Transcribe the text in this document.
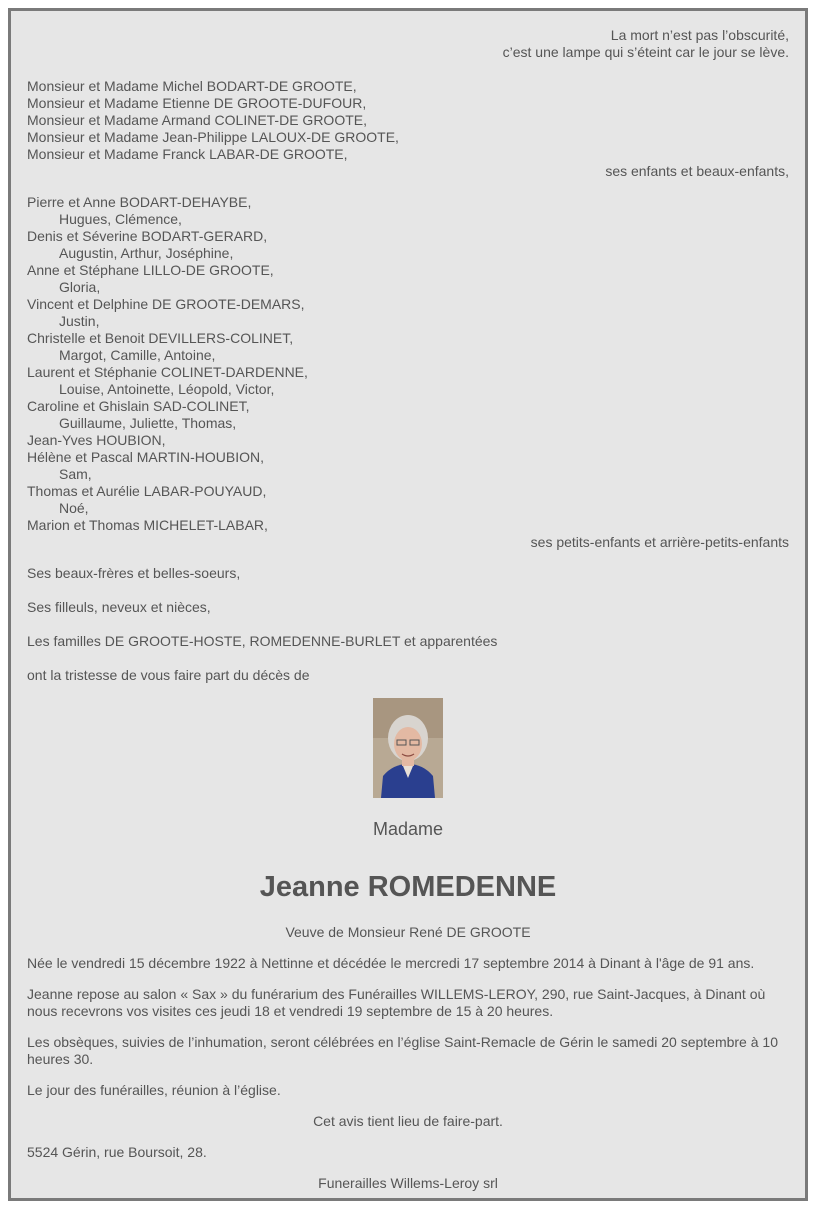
La mort n’est pas l’obscurité,
c’est une lampe qui s’éteint car le jour se lève.
Monsieur et Madame Michel BODART-DE GROOTE,
Monsieur et Madame Etienne DE GROOTE-DUFOUR,
Monsieur et Madame Armand COLINET-DE GROOTE,
Monsieur et Madame Jean-Philippe LALOUX-DE GROOTE,
Monsieur et Madame Franck LABAR-DE GROOTE,
ses enfants et beaux-enfants,
Pierre et Anne BODART-DEHAYBE,
Hugues, Clémence,
Denis et Séverine BODART-GERARD,
Augustin, Arthur, Joséphine,
Anne et Stéphane LILLO-DE GROOTE,
Gloria,
Vincent et Delphine DE GROOTE-DEMARS,
Justin,
Christelle et Benoit DEVILLERS-COLINET,
Margot, Camille, Antoine,
Laurent et Stéphanie COLINET-DARDENNE,
Louise, Antoinette, Léopold, Victor,
Caroline et Ghislain SAD-COLINET,
Guillaume, Juliette, Thomas,
Jean-Yves HOUBION,
Hélène et Pascal MARTIN-HOUBION,
Sam,
Thomas et Aurélie LABAR-POUYAUD,
Noé,
Marion et Thomas MICHELET-LABAR,
ses petits-enfants et arrière-petits-enfants
Ses beaux-frères et belles-soeurs,
Ses filleuls, neveux et nièces,
Les familles DE GROOTE-HOSTE, ROMEDENNE-BURLET et apparentées
ont la tristesse de vous faire part du décès de
Madame
Jeanne ROMEDENNE
Veuve de Monsieur René DE GROOTE
Née le vendredi 15 décembre 1922 à Nettinne et décédée le mercredi 17 septembre 2014 à Dinant à l'âge de 91 ans.
Jeanne repose au salon « Sax » du funérarium des Funérailles WILLEMS-LEROY, 290, rue Saint-Jacques, à Dinant où nous recevrons vos visites ces jeudi 18 et vendredi 19 septembre de 15 à 20 heures.
Les obsèques, suivies de l’inhumation, seront célébrées en l’église Saint-Remacle de Gérin le samedi 20 septembre à 10 heures 30.
Le jour des funérailles, réunion à l’église.
Cet avis tient lieu de faire-part.
5524 Gérin, rue Boursoit, 28.
Funerailles Willems-Leroy srl
